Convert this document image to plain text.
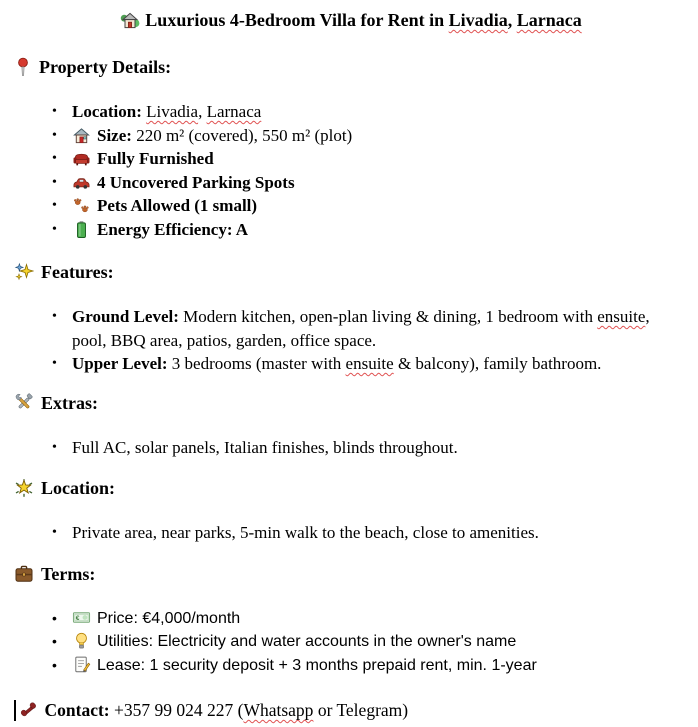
Luxurious 4-Bedroom Villa for Rent in Livadia, Larnaca
Property Details:
• Location: Livadia, Larnaca
• Size: 220 m² (covered), 550 m² (plot)
• Fully Furnished
• 4 Uncovered Parking Spots
• Pets Allowed (1 small)
• Energy Efficiency: A
Features:
• Ground Level: Modern kitchen, open-plan living & dining, 1 bedroom with ensuite, pool, BBQ area, patios, garden, office space.
• Upper Level: 3 bedrooms (master with ensuite & balcony), family bathroom.
Extras:
• Full AC, solar panels, Italian finishes, blinds throughout.
Location:
• Private area, near parks, 5-min walk to the beach, close to amenities.
Terms:
•	€ Price: €4,000/month
•	Utilities: Electricity and water accounts in the owner's name
•	Lease: 1 security deposit + 3 months prepaid rent, min. 1-year
Contact: +357 99 024 227 (Whatsapp or Telegram)
